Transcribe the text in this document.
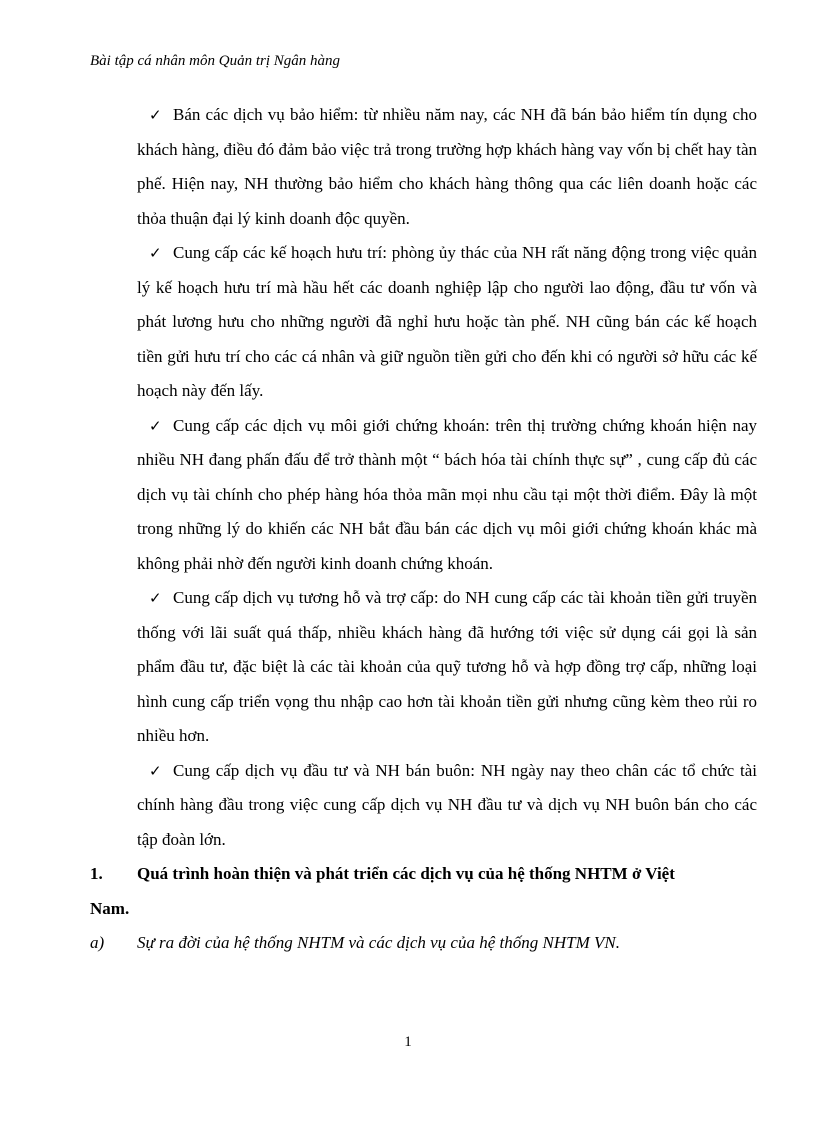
Bài tập cá nhân môn Quản trị Ngân hàng

✓ Bán các dịch vụ bảo hiểm: từ nhiều năm nay, các NH đã bán bảo hiểm tín dụng cho khách hàng, điều đó đảm bảo việc trả trong trường hợp khách hàng vay vốn bị chết hay tàn phế. Hiện nay, NH thường bảo hiểm cho khách hàng thông qua các liên doanh hoặc các thỏa thuận đại lý kinh doanh độc quyền.

✓ Cung cấp các kế hoạch hưu trí: phòng ủy thác của NH rất năng động trong việc quản lý kế hoạch hưu trí mà hầu hết các doanh nghiệp lập cho người lao động, đầu tư vốn và phát lương hưu cho những người đã nghỉ hưu hoặc tàn phế. NH cũng bán các kế hoạch tiền gửi hưu trí cho các cá nhân và giữ nguồn tiền gửi cho đến khi có người sở hữu các kế hoạch này đến lấy.

✓ Cung cấp các dịch vụ môi giới chứng khoán: trên thị trường chứng khoán hiện nay nhiều NH đang phấn đấu để trở thành một “ bách hóa tài chính thực sự” , cung cấp đủ các dịch vụ tài chính cho phép hàng hóa thỏa mãn mọi nhu cầu tại một thời điểm. Đây là một trong những lý do khiến các NH bắt đầu bán các dịch vụ môi giới chứng khoán khác mà không phải nhờ đến người kinh doanh chứng khoán.

✓ Cung cấp dịch vụ tương hỗ và trợ cấp: do NH cung cấp các tài khoản tiền gửi truyền thống với lãi suất quá thấp, nhiều khách hàng đã hướng tới việc sử dụng cái gọi là sản phẩm đầu tư, đặc biệt là các tài khoản của quỹ tương hỗ và hợp đồng trợ cấp, những loại hình cung cấp triển vọng thu nhập cao hơn tài khoản tiền gửi nhưng cũng kèm theo rủi ro nhiều hơn.

✓ Cung cấp dịch vụ đầu tư và NH bán buôn: NH ngày nay theo chân các tổ chức tài chính hàng đầu trong việc cung cấp dịch vụ NH đầu tư và dịch vụ NH buôn bán cho các tập đoàn lớn.

1.	Quá trình hoàn thiện và phát triển các dịch vụ của hệ thống NHTM ở Việt
Nam.
a)	Sự ra đời của hệ thống NHTM và các dịch vụ của hệ thống NHTM VN.
1
